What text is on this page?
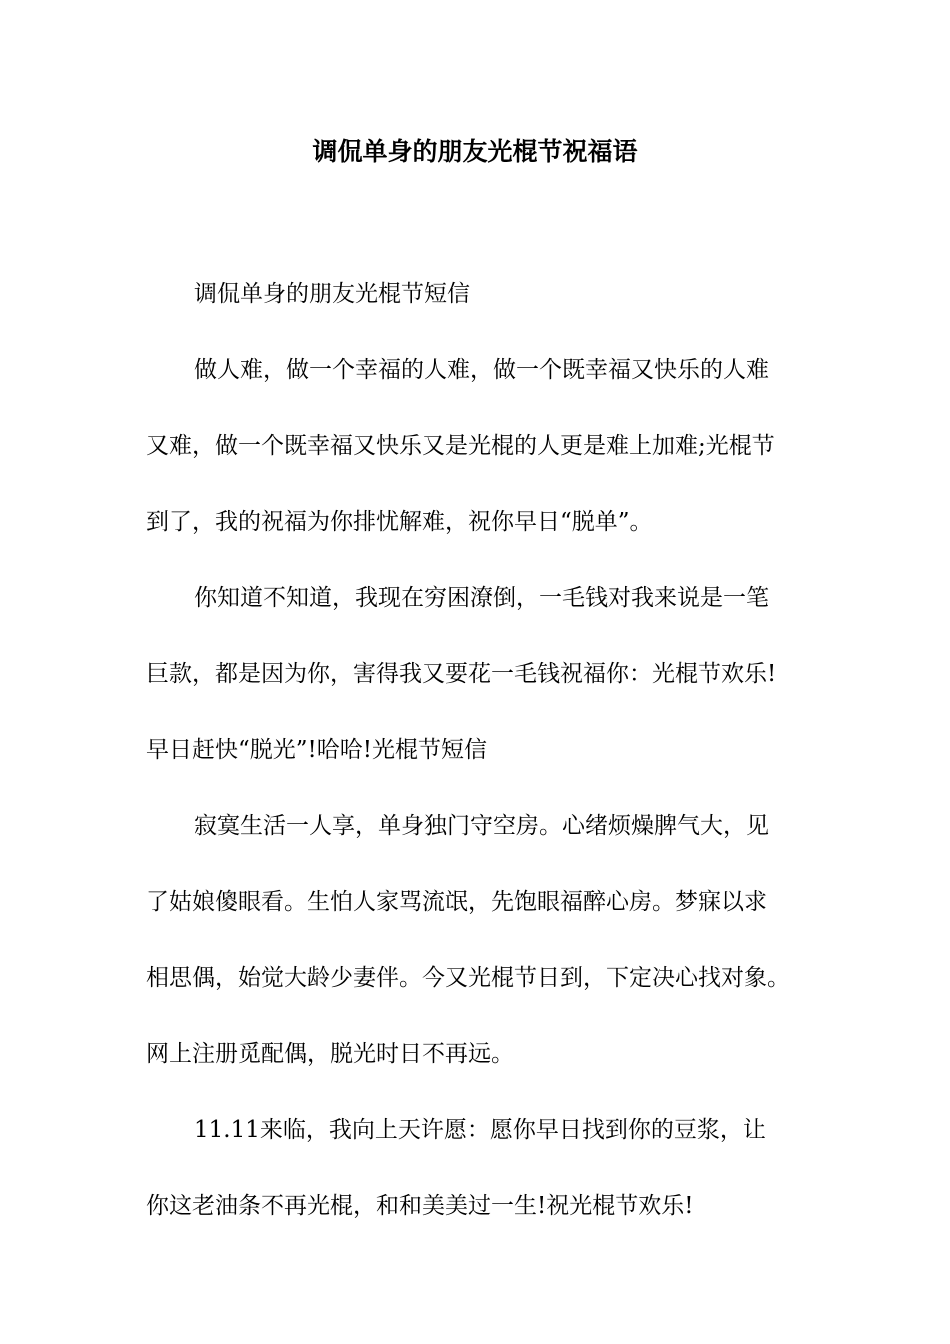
调侃单身的朋友光棍节祝福语
调侃单身的朋友光棍节短信
做人难，做一个幸福的人难，做一个既幸福又快乐的人难
又难，做一个既幸福又快乐又是光棍的人更是难上加难;光棍节
到了，我的祝福为你排忧解难，祝你早日“脱单”。
你知道不知道，我现在穷困潦倒，一毛钱对我来说是一笔
巨款，都是因为你，害得我又要花一毛钱祝福你：光棍节欢乐!
早日赶快“脱光”!哈哈!光棍节短信
寂寞生活一人享，单身独门守空房。心绪烦燥脾气大，见
了姑娘傻眼看。生怕人家骂流氓，先饱眼福醉心房。梦寐以求
相思偶，始觉大龄少妻伴。今又光棍节日到，下定决心找对象。
网上注册觅配偶，脱光时日不再远。
11.11来临，我向上天许愿：愿你早日找到你的豆浆，让
你这老油条不再光棍，和和美美过一生!祝光棍节欢乐!
